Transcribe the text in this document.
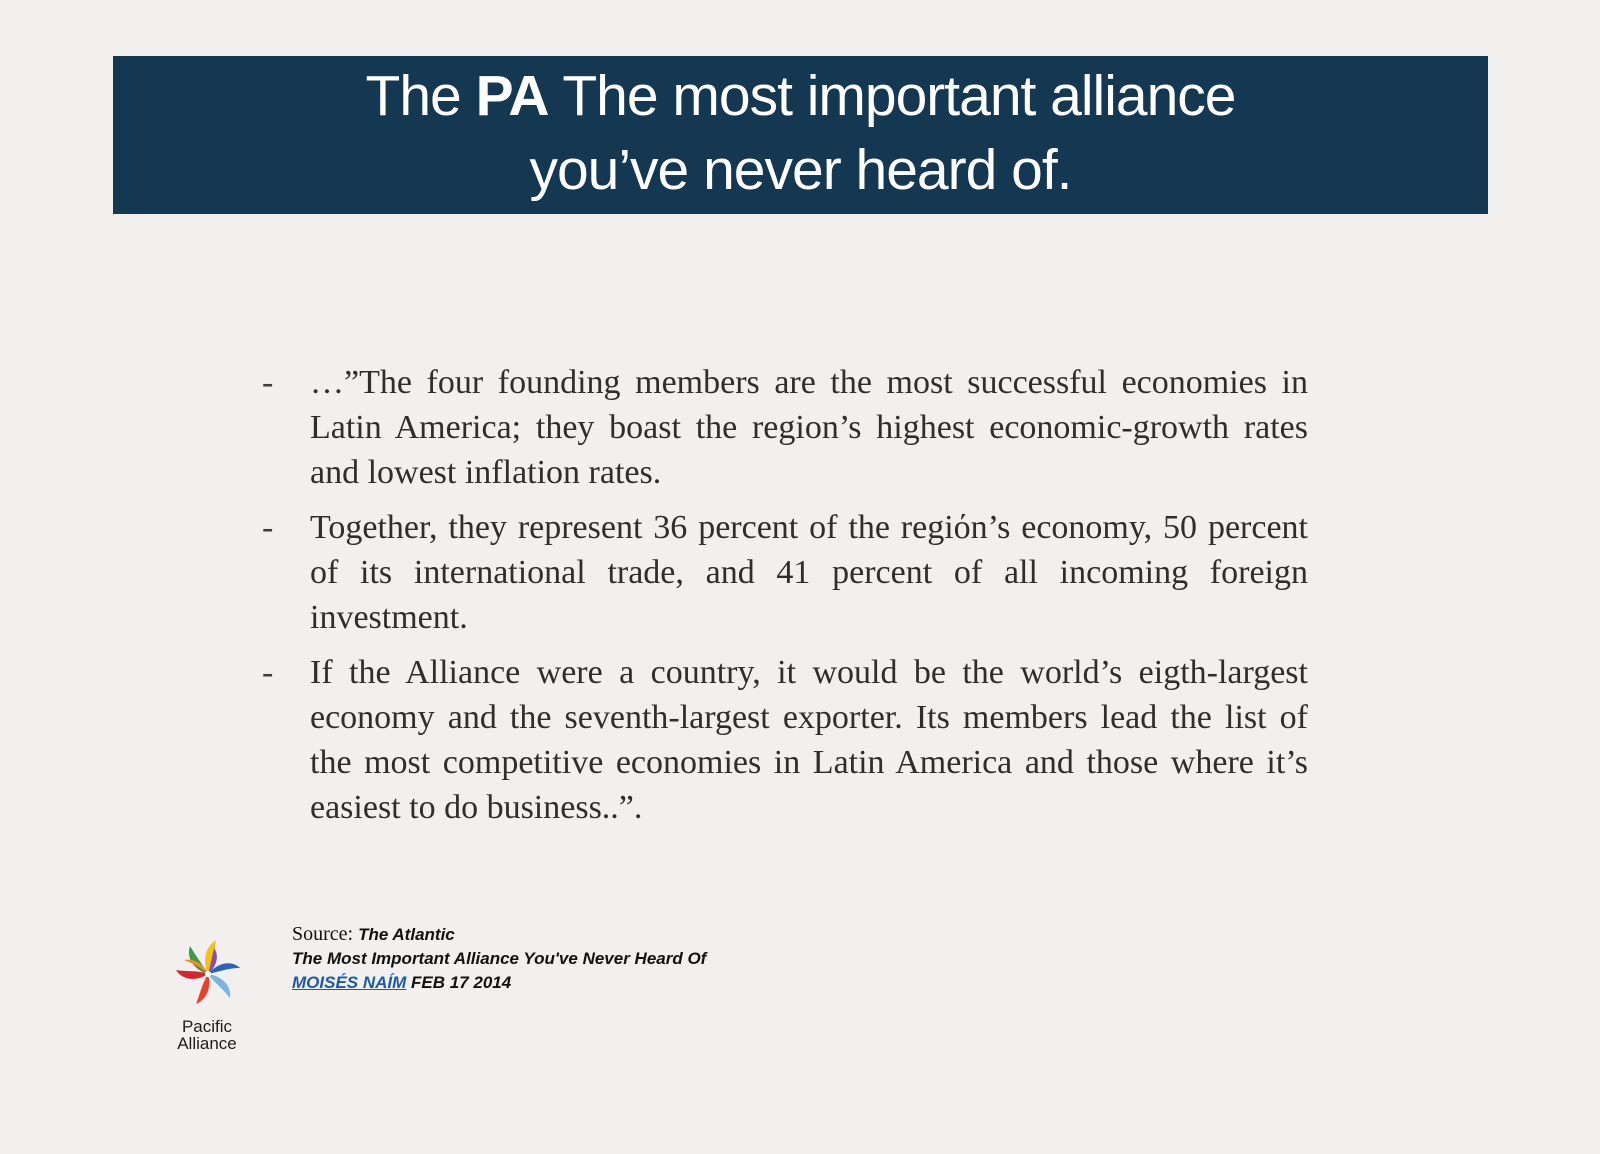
The PA The most important alliance
you’ve never heard of.
-	…”The four founding members are the most successful economies in Latin America; they boast the region’s highest economic-growth rates and lowest inflation rates.
-	Together, they represent 36 percent of the regiόn’s economy, 50 percent of its international trade, and 41 percent of all incoming foreign investment.
-	If the Alliance were a country, it would be the world’s eigth-largest economy and the seventh-largest exporter. Its members lead the list of the most competitive economies in Latin America and those where it’s easiest to do business..”.
Pacific
Alliance
Source: The Atlantic
The Most Important Alliance You've Never Heard Of
MOISÉS NAÍM FEB 17 2014
